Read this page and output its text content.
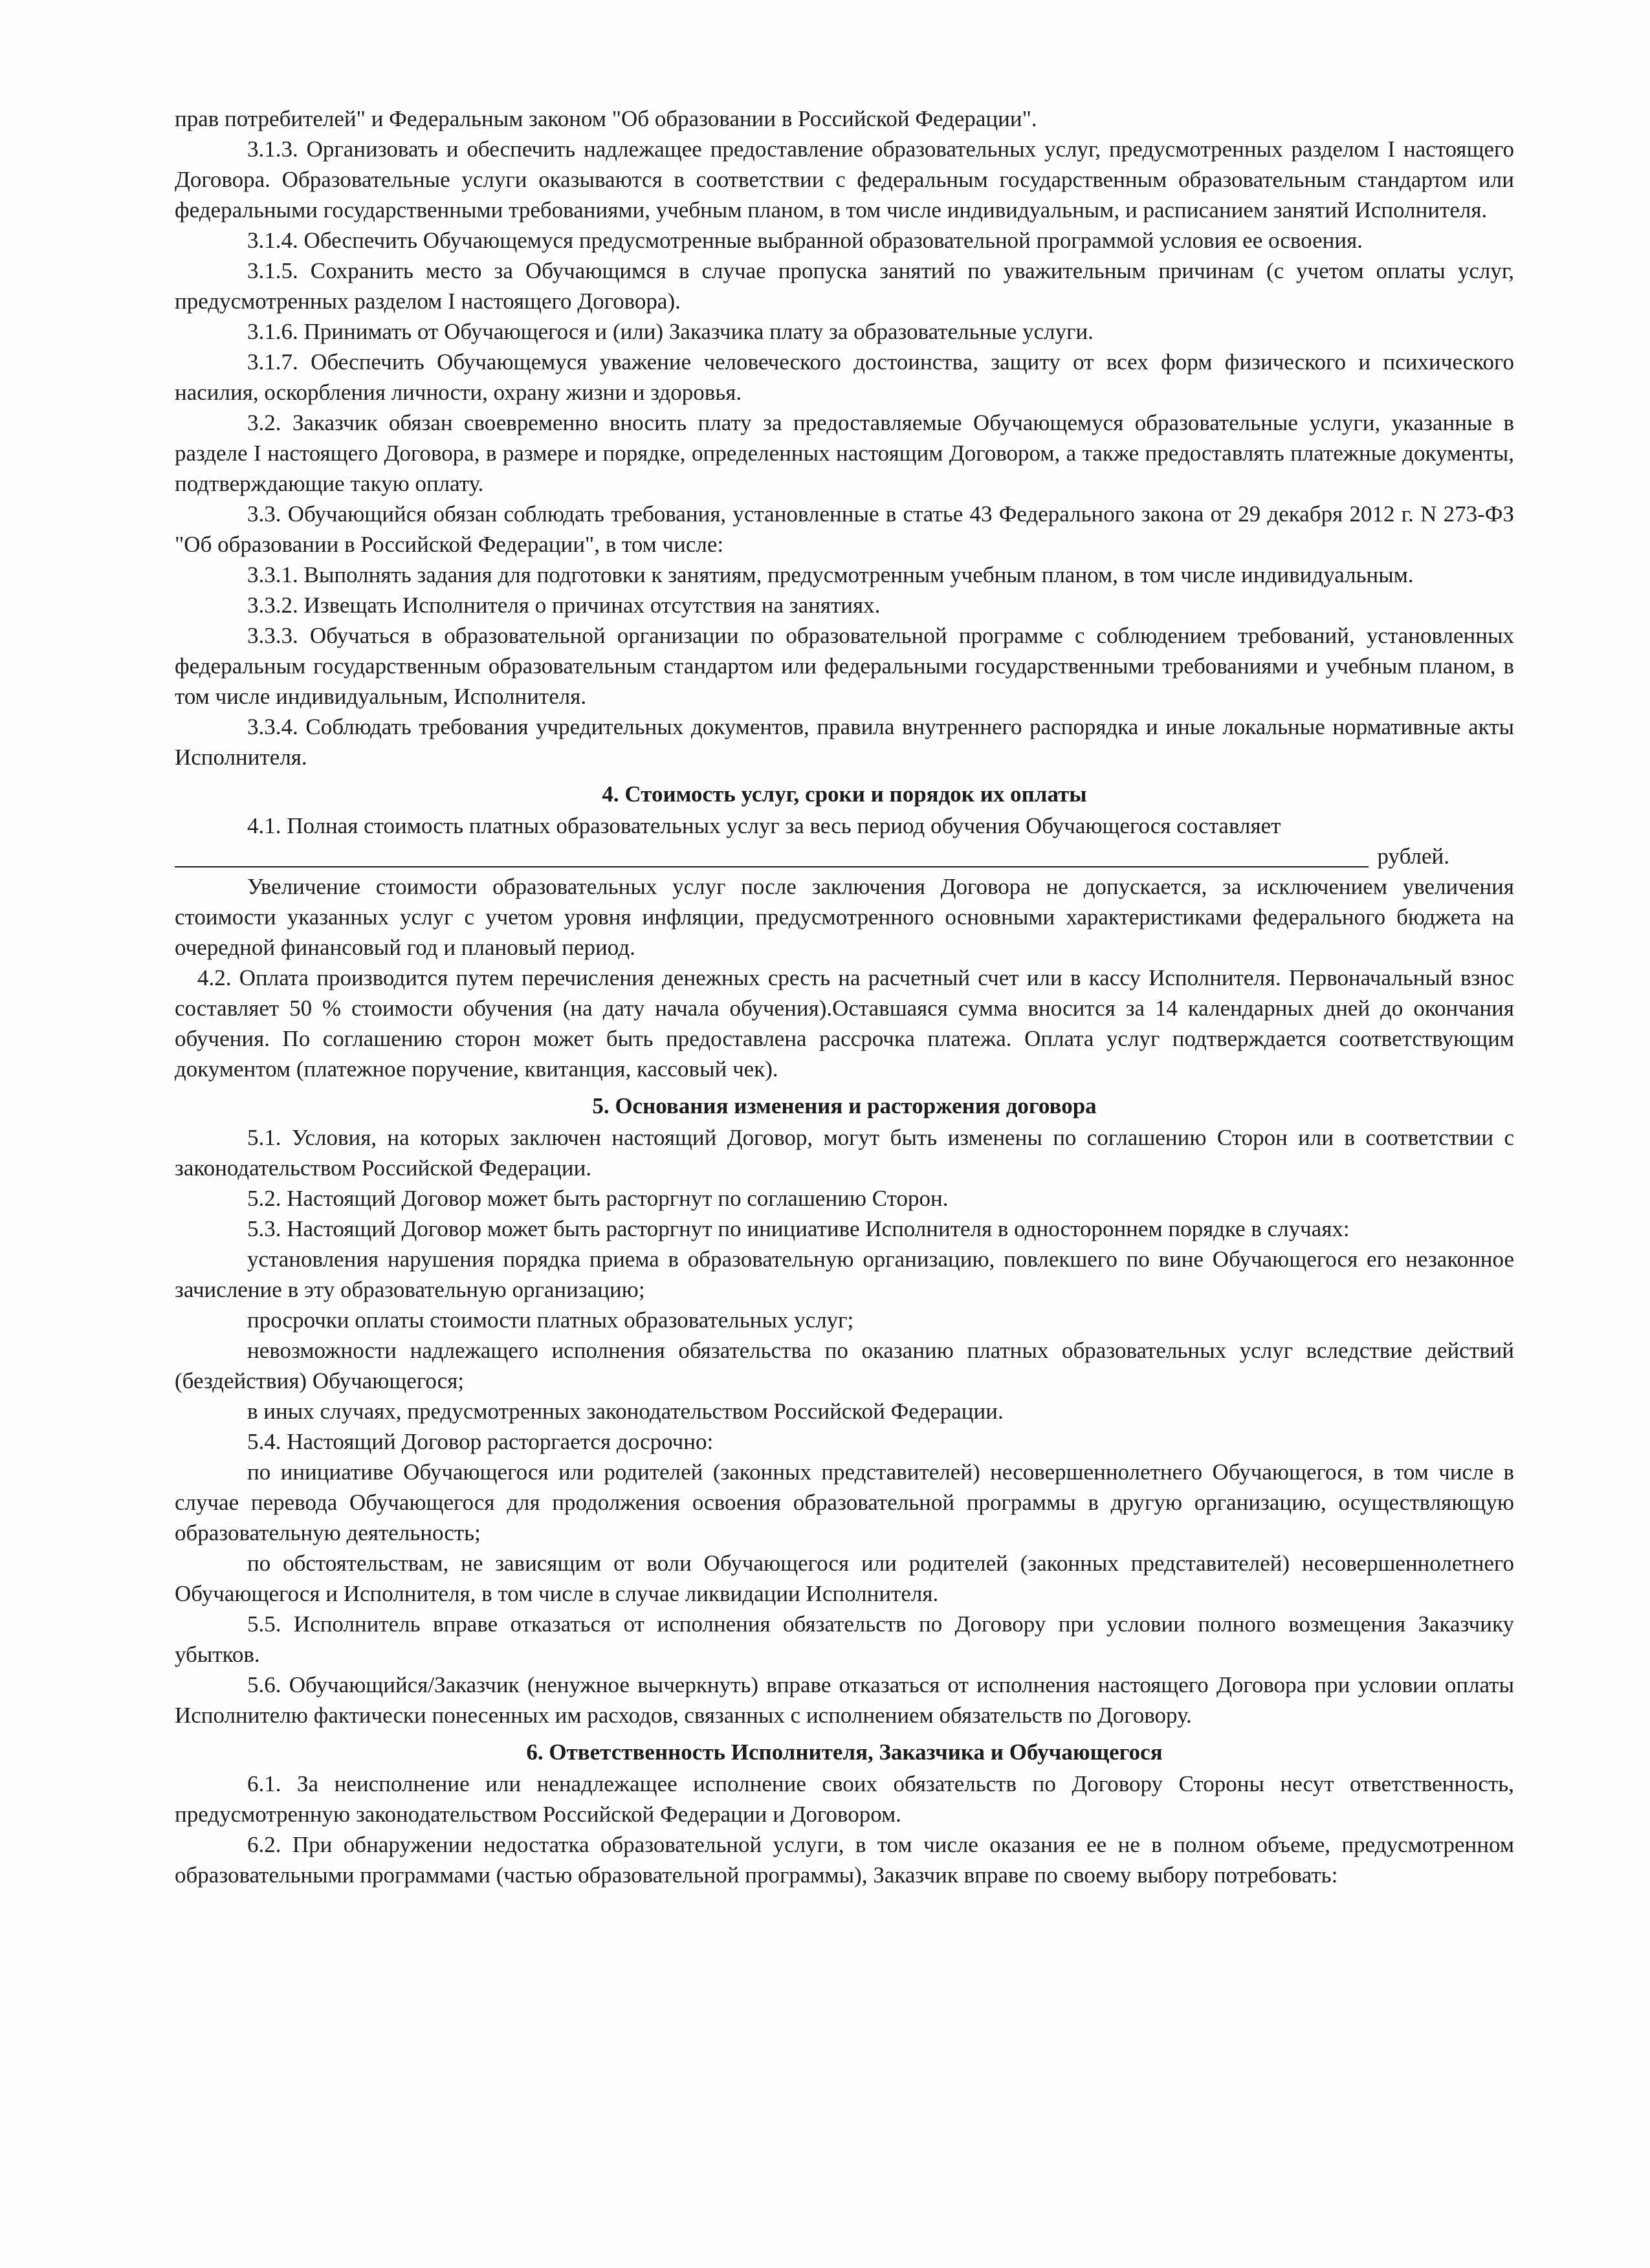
прав потребителей" и Федеральным законом "Об образовании в Российской Федерации".

3.1.3. Организовать и обеспечить надлежащее предоставление образовательных услуг, предусмотренных разделом I настоящего Договора. Образовательные услуги оказываются в соответствии с федеральным государственным образовательным стандартом или федеральными государственными требованиями, учебным планом, в том числе индивидуальным, и расписанием занятий Исполнителя.

3.1.4. Обеспечить Обучающемуся предусмотренные выбранной образовательной программой условия ее освоения.

3.1.5. Сохранить место за Обучающимся в случае пропуска занятий по уважительным причинам (с учетом оплаты услуг, предусмотренных разделом I настоящего Договора).

3.1.6. Принимать от Обучающегося и (или) Заказчика плату за образовательные услуги.

3.1.7. Обеспечить Обучающемуся уважение человеческого достоинства, защиту от всех форм физического и психического насилия, оскорбления личности, охрану жизни и здоровья.

3.2. Заказчик обязан своевременно вносить плату за предоставляемые Обучающемуся образовательные услуги, указанные в разделе I настоящего Договора, в размере и порядке, определенных настоящим Договором, а также предоставлять платежные документы, подтверждающие такую оплату.

3.3. Обучающийся обязан соблюдать требования, установленные в статье 43 Федерального закона от 29 декабря 2012 г. N 273-ФЗ "Об образовании в Российской Федерации", в том числе:

3.3.1. Выполнять задания для подготовки к занятиям, предусмотренным учебным планом, в том числе индивидуальным.

3.3.2. Извещать Исполнителя о причинах отсутствия на занятиях.

3.3.3. Обучаться в образовательной организации по образовательной программе с соблюдением требований, установленных федеральным государственным образовательным стандартом или федеральными государственными требованиями и учебным планом, в том числе индивидуальным, Исполнителя.

3.3.4. Соблюдать требования учредительных документов, правила внутреннего распорядка и иные локальные нормативные акты Исполнителя.

4. Стоимость услуг, сроки и порядок их оплаты

4.1. Полная стоимость платных образовательных услуг за весь период обучения Обучающегося составляет

рублей.

Увеличение стоимости образовательных услуг после заключения Договора не допускается, за исключением увеличения стоимости указанных услуг с учетом уровня инфляции, предусмотренного основными характеристиками федерального бюджета на очередной финансовый год и плановый период.

4.2. Оплата производится путем перечисления денежных сресть на расчетный счет или в кассу Исполнителя. Первоначальный взнос составляет 50 % стоимости обучения (на дату начала обучения).Оставшаяся сумма вносится за 14 календарных дней до окончания обучения. По соглашению сторон может быть предоставлена рассрочка платежа. Оплата услуг подтверждается соответствующим документом (платежное поручение, квитанция, кассовый чек).

5. Основания изменения и расторжения договора

5.1. Условия, на которых заключен настоящий Договор, могут быть изменены по соглашению Сторон или в соответствии с законодательством Российской Федерации.

5.2. Настоящий Договор может быть расторгнут по соглашению Сторон.

5.3. Настоящий Договор может быть расторгнут по инициативе Исполнителя в одностороннем порядке в случаях:

установления нарушения порядка приема в образовательную организацию, повлекшего по вине Обучающегося его незаконное зачисление в эту образовательную организацию;

просрочки оплаты стоимости платных образовательных услуг;

невозможности надлежащего исполнения обязательства по оказанию платных образовательных услуг вследствие действий (бездействия) Обучающегося;

в иных случаях, предусмотренных законодательством Российской Федерации.

5.4. Настоящий Договор расторгается досрочно:

по инициативе Обучающегося или родителей (законных представителей) несовершеннолетнего Обучающегося, в том числе в случае перевода Обучающегося для продолжения освоения образовательной программы в другую организацию, осуществляющую образовательную деятельность;

по обстоятельствам, не зависящим от воли Обучающегося или родителей (законных представителей) несовершеннолетнего Обучающегося и Исполнителя, в том числе в случае ликвидации Исполнителя.

5.5. Исполнитель вправе отказаться от исполнения обязательств по Договору при условии полного возмещения Заказчику убытков.

5.6. Обучающийся/Заказчик (ненужное вычеркнуть) вправе отказаться от исполнения настоящего Договора при условии оплаты Исполнителю фактически понесенных им расходов, связанных с исполнением обязательств по Договору.

6. Ответственность Исполнителя, Заказчика и Обучающегося

6.1. За неисполнение или ненадлежащее исполнение своих обязательств по Договору Стороны несут ответственность, предусмотренную законодательством Российской Федерации и Договором.

6.2. При обнаружении недостатка образовательной услуги, в том числе оказания ее не в полном объеме, предусмотренном образовательными программами (частью образовательной программы), Заказчик вправе по своему выбору потребовать:
